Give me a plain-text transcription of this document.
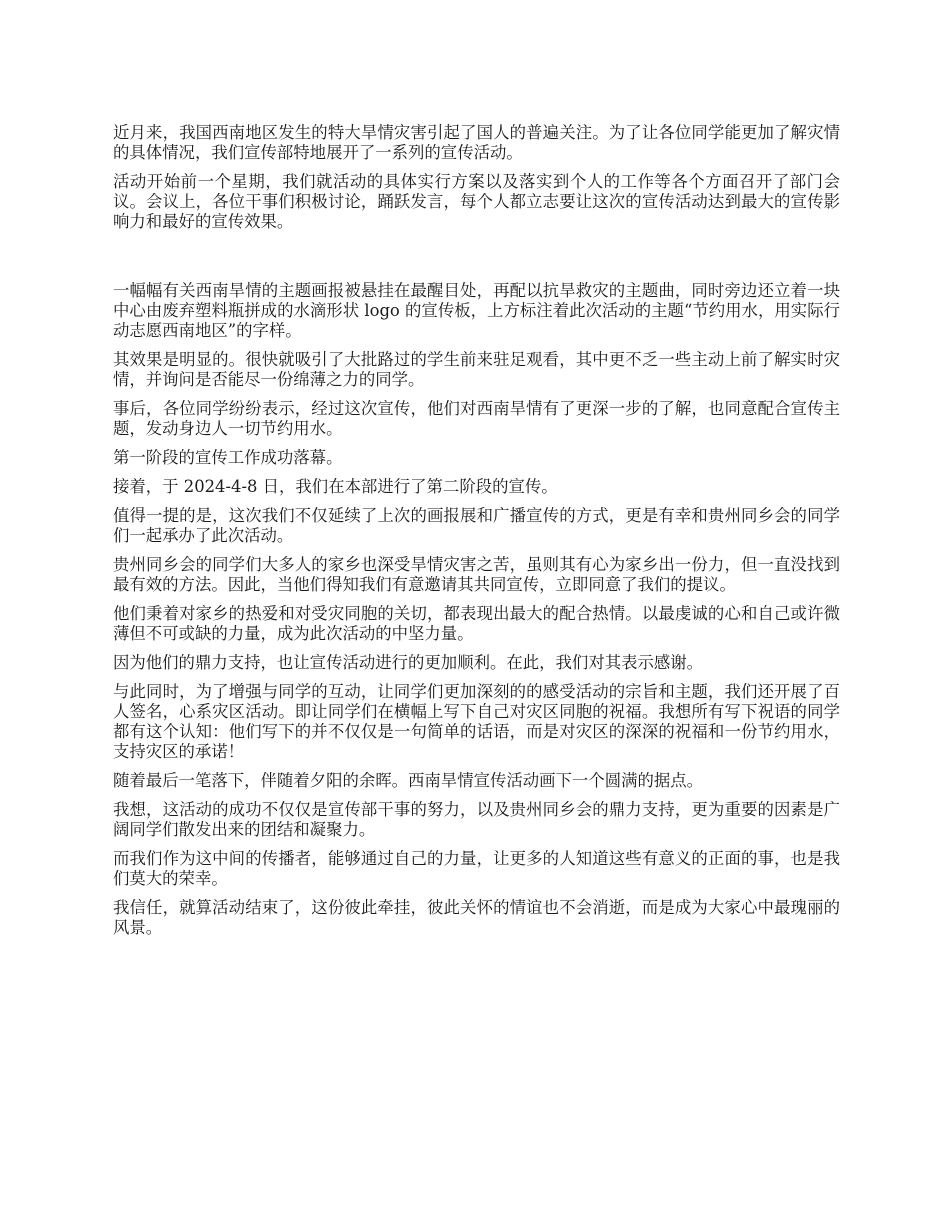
近月来，我国西南地区发生的特大旱情灾害引起了国人的普遍关注。为了让各位同学能更加了解灾情的具体情况，我们宣传部特地展开了一系列的宣传活动。

活动开始前一个星期，我们就活动的具体实行方案以及落实到个人的工作等各个方面召开了部门会议。会议上，各位干事们积极讨论，踊跃发言，每个人都立志要让这次的宣传活动达到最大的宣传影响力和最好的宣传效果。

一幅幅有关西南旱情的主题画报被悬挂在最醒目处，再配以抗旱救灾的主题曲，同时旁边还立着一块中心由废弃塑料瓶拼成的水滴形状 logo 的宣传板，上方标注着此次活动的主题“节约用水，用实际行动志愿西南地区”的字样。

其效果是明显的。很快就吸引了大批路过的学生前来驻足观看，其中更不乏一些主动上前了解实时灾情，并询问是否能尽一份绵薄之力的同学。

事后，各位同学纷纷表示，经过这次宣传，他们对西南旱情有了更深一步的了解，也同意配合宣传主题，发动身边人一切节约用水。

第一阶段的宣传工作成功落幕。

接着，于 2024-4-8 日，我们在本部进行了第二阶段的宣传。

值得一提的是，这次我们不仅延续了上次的画报展和广播宣传的方式，更是有幸和贵州同乡会的同学们一起承办了此次活动。

贵州同乡会的同学们大多人的家乡也深受旱情灾害之苦，虽则其有心为家乡出一份力，但一直没找到最有效的方法。因此，当他们得知我们有意邀请其共同宣传，立即同意了我们的提议。

他们秉着对家乡的热爱和对受灾同胞的关切，都表现出最大的配合热情。以最虔诚的心和自己或许微薄但不可或缺的力量，成为此次活动的中坚力量。

因为他们的鼎力支持，也让宣传活动进行的更加顺利。在此，我们对其表示感谢。

与此同时，为了增强与同学的互动，让同学们更加深刻的的感受活动的宗旨和主题，我们还开展了百人签名，心系灾区活动。即让同学们在横幅上写下自己对灾区同胞的祝福。我想所有写下祝语的同学都有这个认知：他们写下的并不仅仅是一句简单的话语，而是对灾区的深深的祝福和一份节约用水，支持灾区的承诺！

随着最后一笔落下，伴随着夕阳的余晖。西南旱情宣传活动画下一个圆满的据点。

我想，这活动的成功不仅仅是宣传部干事的努力，以及贵州同乡会的鼎力支持，更为重要的因素是广阔同学们散发出来的团结和凝聚力。

而我们作为这中间的传播者，能够通过自己的力量，让更多的人知道这些有意义的正面的事，也是我们莫大的荣幸。

我信任，就算活动结束了，这份彼此牵挂，彼此关怀的情谊也不会消逝，而是成为大家心中最瑰丽的风景。
